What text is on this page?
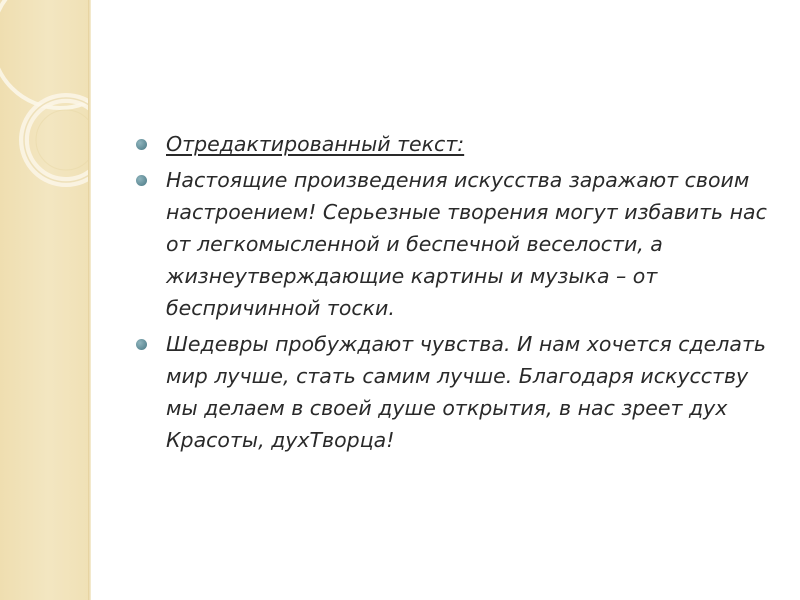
Отредактированный текст:
Настоящие произведения искусства заражают своим настроением! Серьезные творения могут избавить нас от легкомысленной и беспечной веселости, а жизнеутверждающие картины и музыка – от беспричинной тоски.
Шедевры пробуждают чувства. И нам хочется сделать мир лучше, стать самим лучше. Благодаря искусству мы делаем в своей душе открытия, в нас зреет дух Красоты, духТворца!
